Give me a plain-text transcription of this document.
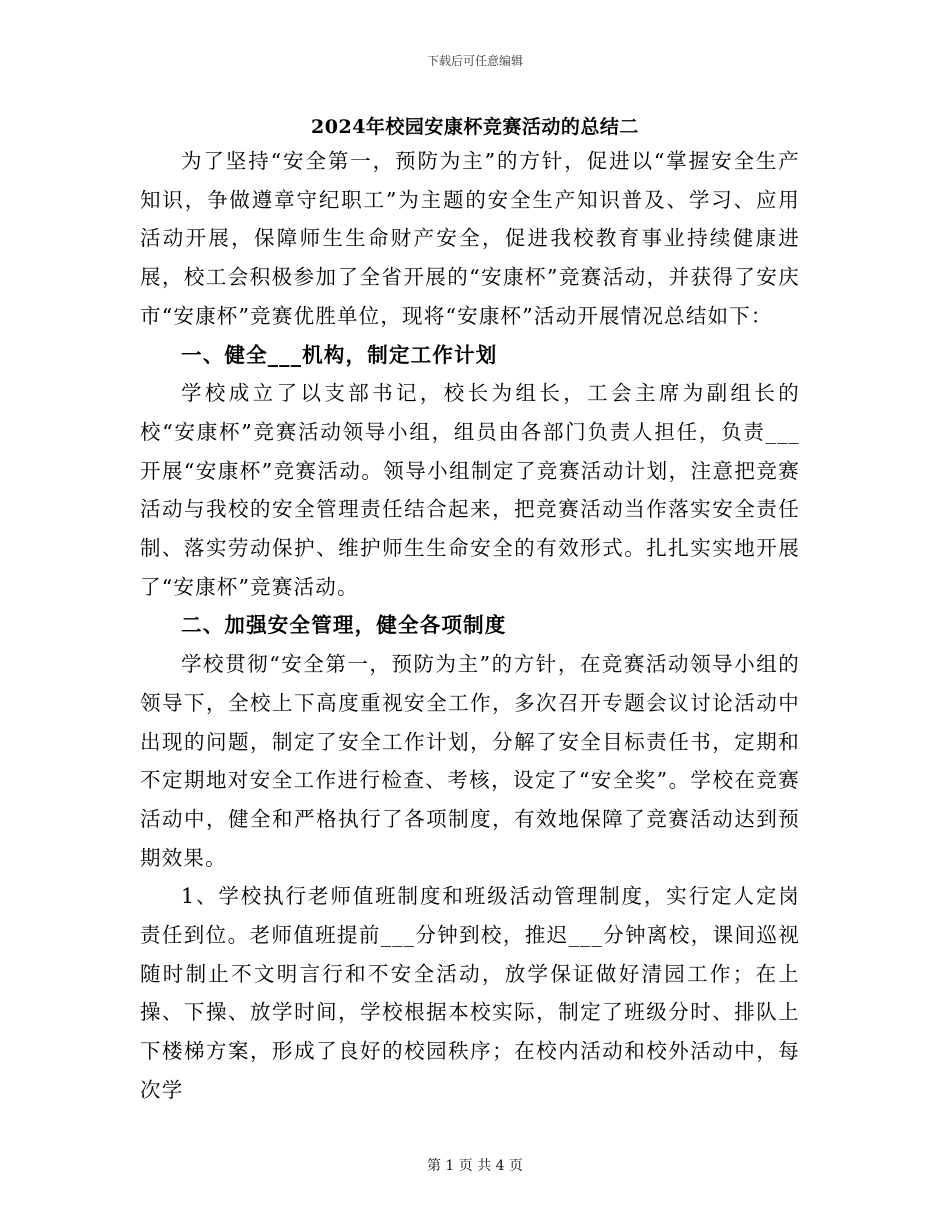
下载后可任意编辑
2024年校园安康杯竞赛活动的总结二

为了坚持“安全第一，预防为主”的方针，促进以“掌握安全生产知识，争做遵章守纪职工”为主题的安全生产知识普及、学习、应用活动开展，保障师生生命财产安全，促进我校教育事业持续健康进展，校工会积极参加了全省开展的“安康杯”竞赛活动，并获得了安庆市“安康杯”竞赛优胜单位，现将“安康杯”活动开展情况总结如下：

一、健全___机构，制定工作计划

学校成立了以支部书记，校长为组长，工会主席为副组长的校“安康杯”竞赛活动领导小组，组员由各部门负责人担任，负责___开展“安康杯”竞赛活动。领导小组制定了竞赛活动计划，注意把竞赛活动与我校的安全管理责任结合起来，把竞赛活动当作落实安全责任制、落实劳动保护、维护师生生命安全的有效形式。扎扎实实地开展了“安康杯”竞赛活动。

二、加强安全管理，健全各项制度

学校贯彻“安全第一，预防为主”的方针，在竞赛活动领导小组的领导下，全校上下高度重视安全工作，多次召开专题会议讨论活动中出现的问题，制定了安全工作计划，分解了安全目标责任书，定期和不定期地对安全工作进行检查、考核，设定了“安全奖”。学校在竞赛活动中，健全和严格执行了各项制度，有效地保障了竞赛活动达到预期效果。

1、学校执行老师值班制度和班级活动管理制度，实行定人定岗责任到位。老师值班提前___分钟到校，推迟___分钟离校，课间巡视随时制止不文明言行和不安全活动，放学保证做好清园工作；在上操、下操、放学时间，学校根据本校实际，制定了班级分时、排队上下楼梯方案，形成了良好的校园秩序；在校内活动和校外活动中，每次学

第 1 页 共 4 页
